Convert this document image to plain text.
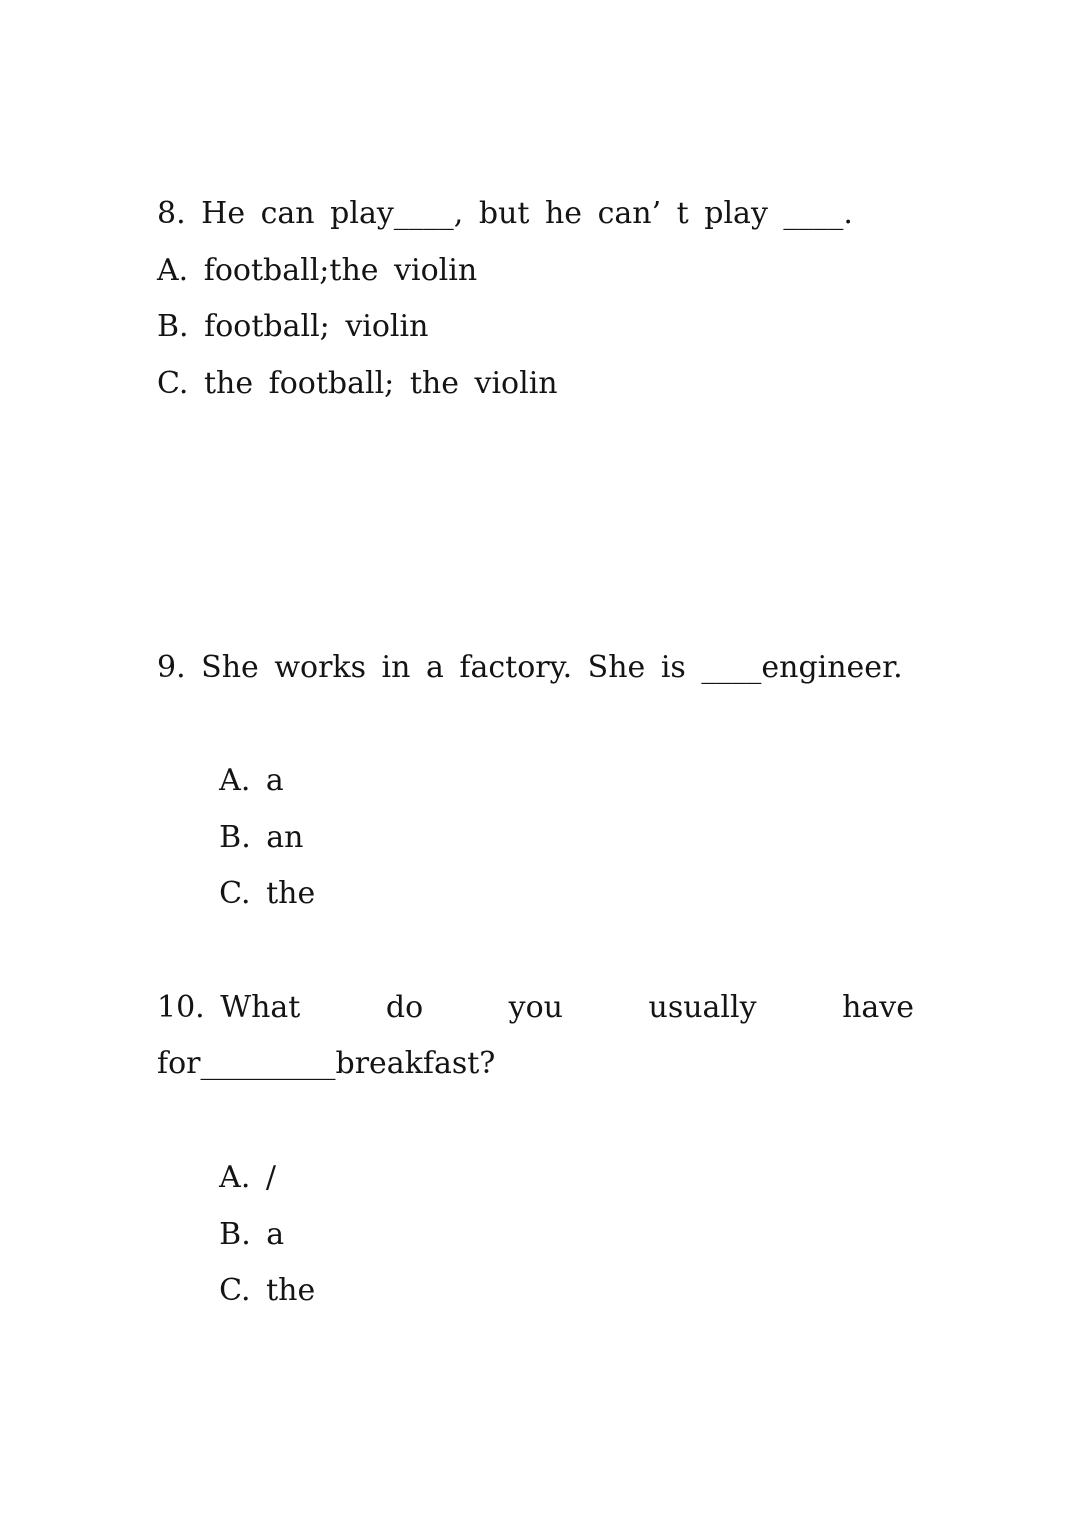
8. He can play____, but he can’ t play ____.
A. football;the violin
B. football; violin
C. the football; the violin
9. She works in a factory. She is ____engineer.

A. a
B. an
C. the

10. What	do	you	usually	have
for_________breakfast?

A. /
B. a
C. the
